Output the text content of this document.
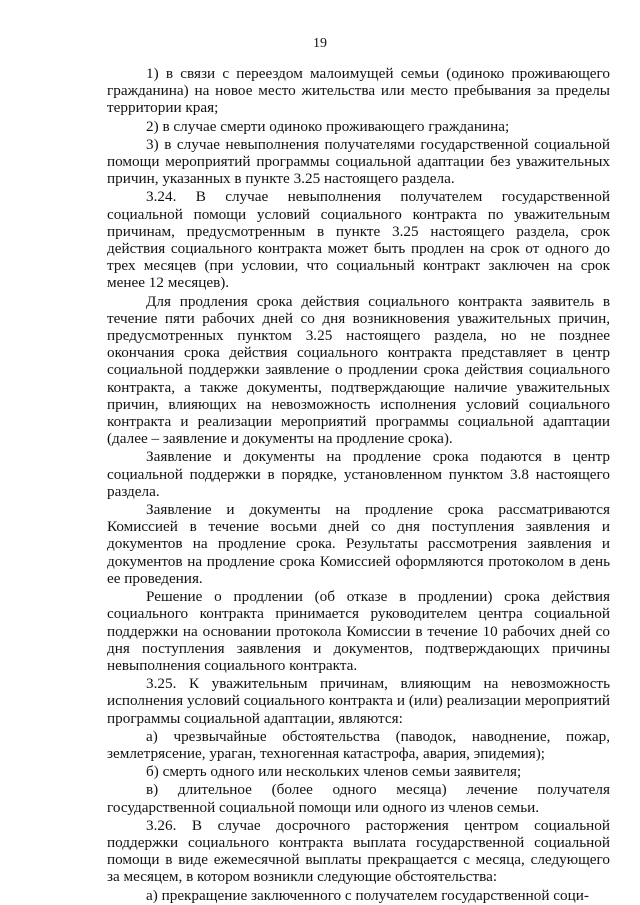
19

1) в связи с переездом малоимущей семьи (одиноко проживающего гражданина) на новое место жительства или место пребывания за пределы территории края;

2) в случае смерти одиноко проживающего гражданина;

3) в случае невыполнения получателями государственной социальной помощи мероприятий программы социальной адаптации без уважительных причин, указанных в пункте 3.25 настоящего раздела.

3.24. В случае невыполнения получателем государственной социальной помощи условий социального контракта по уважительным причинам, предусмотренным в пункте 3.25 настоящего раздела, срок действия социального контракта может быть продлен на срок от одного до трех месяцев (при условии, что социальный контракт заключен на срок менее 12 месяцев).

Для продления срока действия социального контракта заявитель в течение пяти рабочих дней со дня возникновения уважительных причин, предусмотренных пунктом 3.25 настоящего раздела, но не позднее окончания срока действия социального контракта представляет в центр социальной поддержки заявление о продлении срока действия социального контракта, а также документы, подтверждающие наличие уважительных причин, влияющих на невозможность исполнения условий социального контракта и реализации мероприятий программы социальной адаптации (далее – заявление и документы на продление срока).

Заявление и документы на продление срока подаются в центр социальной поддержки в порядке, установленном пунктом 3.8 настоящего раздела.

Заявление и документы на продление срока рассматриваются Комиссией в течение восьми дней со дня поступления заявления и документов на продление срока. Результаты рассмотрения заявления и документов на продление срока Комиссией оформляются протоколом в день ее проведения.

Решение о продлении (об отказе в продлении) срока действия социального контракта принимается руководителем центра социальной поддержки на основании протокола Комиссии в течение 10 рабочих дней со дня поступления заявления и документов, подтверждающих причины невыполнения социального контракта.

3.25. К уважительным причинам, влияющим на невозможность исполнения условий социального контракта и (или) реализации мероприятий программы социальной адаптации, являются:

а) чрезвычайные обстоятельства (паводок, наводнение, пожар, землетрясение, ураган, техногенная катастрофа, авария, эпидемия);

б) смерть одного или нескольких членов семьи заявителя;

в) длительное (более одного месяца) лечение получателя государственной социальной помощи или одного из членов семьи.

3.26. В случае досрочного расторжения центром социальной поддержки социального контракта выплата государственной социальной помощи в виде ежемесячной выплаты прекращается с месяца, следующего за месяцем, в котором возникли следующие обстоятельства:

а) прекращение заключенного с получателем государственной соци-
